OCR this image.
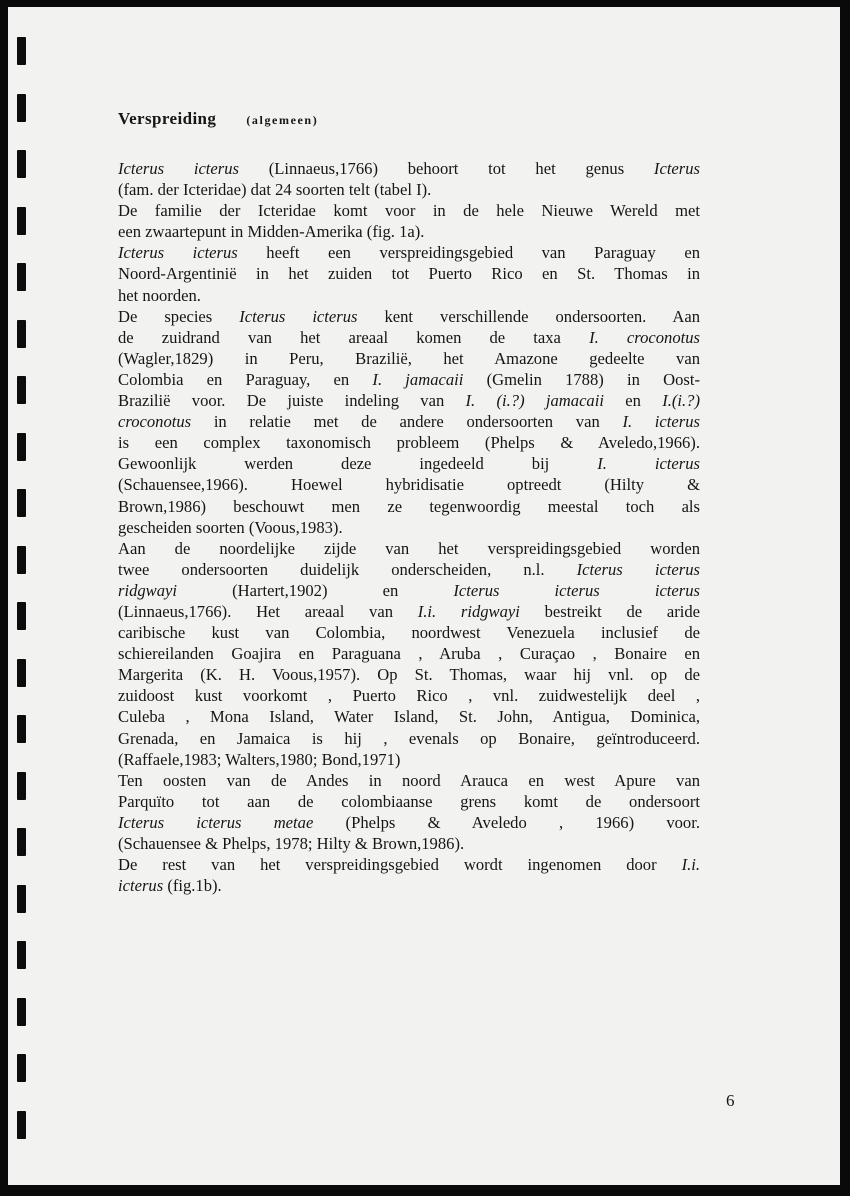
Verspreiding	(algemeen)
Icterus icterus (Linnaeus,1766) behoort tot het genus Icterus
(fam. der Icteridae) dat 24 soorten telt (tabel I).
De familie der Icteridae komt voor in de hele Nieuwe Wereld met
een zwaartepunt in Midden-Amerika (fig. 1a).
Icterus icterus heeft een verspreidingsgebied van Paraguay en
Noord-Argentinië in het zuiden tot Puerto Rico en St. Thomas in
het noorden.
De species Icterus icterus kent verschillende ondersoorten. Aan
de zuidrand van het areaal komen de taxa I. croconotus
(Wagler,1829) in Peru, Brazilië, het Amazone gedeelte van
Colombia en Paraguay, en I. jamacaii (Gmelin 1788) in Oost-
Brazilië voor. De juiste indeling van I. (i.?) jamacaii en I.(i.?)
croconotus in relatie met de andere ondersoorten van I. icterus
is een complex taxonomisch probleem (Phelps & Aveledo,1966).
Gewoonlijk werden deze ingedeeld bij I. icterus
(Schauensee,1966). Hoewel hybridisatie optreedt (Hilty &
Brown,1986) beschouwt men ze tegenwoordig meestal toch als
gescheiden soorten (Voous,1983).
Aan de noordelijke zijde van het verspreidingsgebied worden
twee ondersoorten duidelijk onderscheiden, n.l. Icterus icterus
ridgwayi (Hartert,1902) en Icterus icterus icterus
(Linnaeus,1766). Het areaal van I.i. ridgwayi bestreikt de aride
caribische kust van Colombia, noordwest Venezuela inclusief de
schiereilanden Goajira en Paraguana , Aruba , Curaçao , Bonaire en
Margerita (K. H. Voous,1957). Op St. Thomas, waar hij vnl. op de
zuidoost kust voorkomt , Puerto Rico , vnl. zuidwestelijk deel ,
Culeba , Mona Island, Water Island, St. John, Antigua, Dominica,
Grenada, en Jamaica is hij , evenals op Bonaire, geïntroduceerd.
(Raffaele,1983; Walters,1980; Bond,1971)
Ten oosten van de Andes in noord Arauca en west Apure van
Parquïto tot aan de colombiaanse grens komt de ondersoort
Icterus icterus metae (Phelps & Aveledo , 1966) voor.
(Schauensee & Phelps, 1978; Hilty & Brown,1986).
De rest van het verspreidingsgebied wordt ingenomen door I.i.
icterus (fig.1b).
6
